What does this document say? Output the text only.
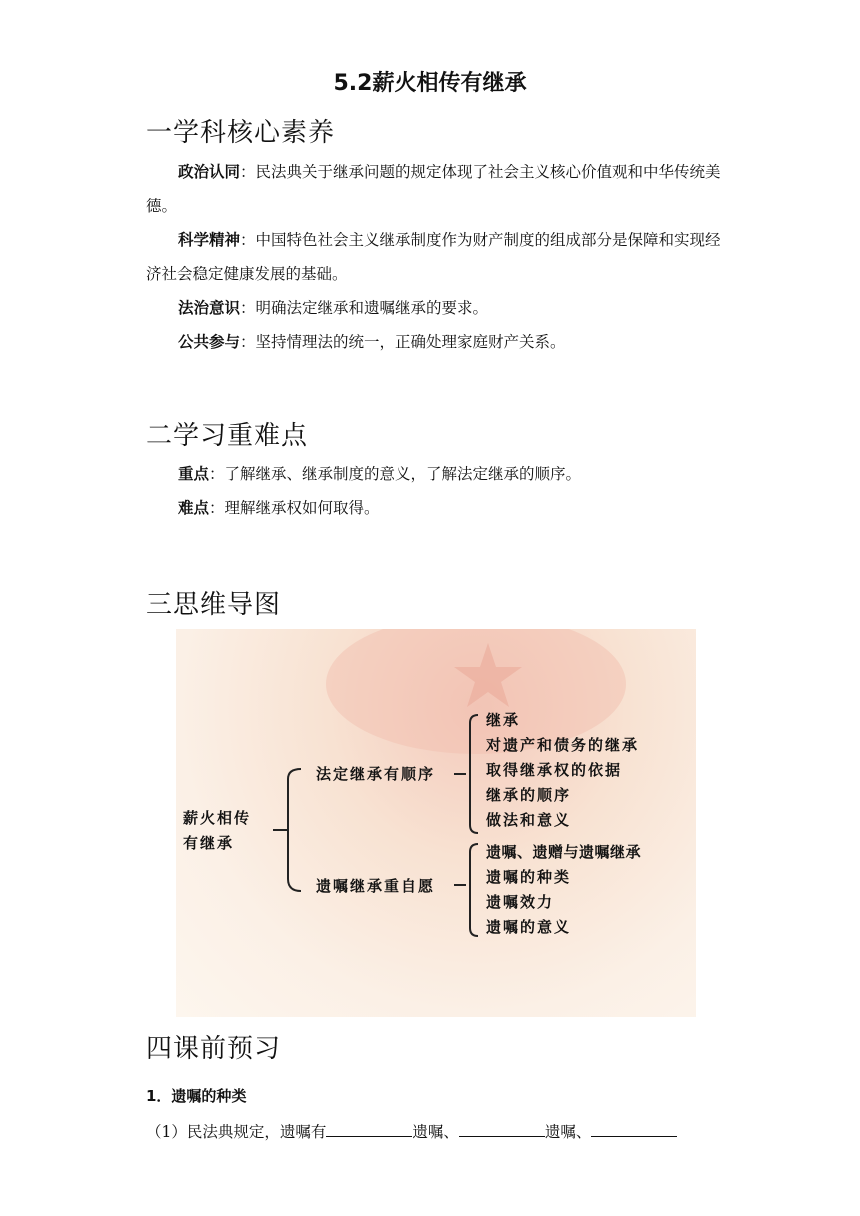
5.2薪火相传有继承
一学科核心素养
政治认同：民法典关于继承问题的规定体现了社会主义核心价值观和中华传统美德。
科学精神：中国特色社会主义继承制度作为财产制度的组成部分是保障和实现经济社会稳定健康发展的基础。
法治意识：明确法定继承和遗嘱继承的要求。
公共参与：坚持情理法的统一，正确处理家庭财产关系。
二学习重难点
重点：了解继承、继承制度的意义，了解法定继承的顺序。
难点：理解继承权如何取得。
三思维导图
薪火相传
有继承
法定继承有顺序
遗嘱继承重自愿
继承
对遗产和债务的继承
取得继承权的依据
继承的顺序
做法和意义
遗嘱、遗赠与遗嘱继承
遗嘱的种类
遗嘱效力
遗嘱的意义
四课前预习
1．遗嘱的种类
（1）民法典规定，遗嘱有	遗嘱、	遗嘱、
